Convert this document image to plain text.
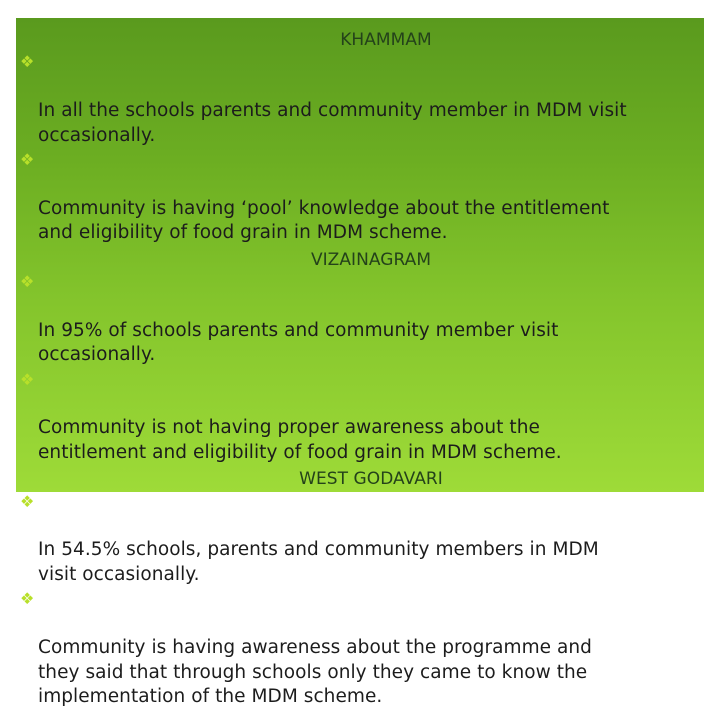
KHAMMAM

❖

In all the schools parents and community member in MDM visit
occasionally.

❖

Community is having ‘pool’ knowledge about the entitlement
and eligibility of food grain in MDM scheme.

VIZAINAGRAM

❖

In 95% of schools parents and community member visit
occasionally.

❖

Community is not having proper awareness about the
entitlement and eligibility of food grain in MDM scheme.

WEST GODAVARI

❖

In 54.5% schools, parents and community members in MDM
visit occasionally.

❖

Community is having awareness about the programme and
they said that through schools only they came to know the
implementation of the MDM scheme.
